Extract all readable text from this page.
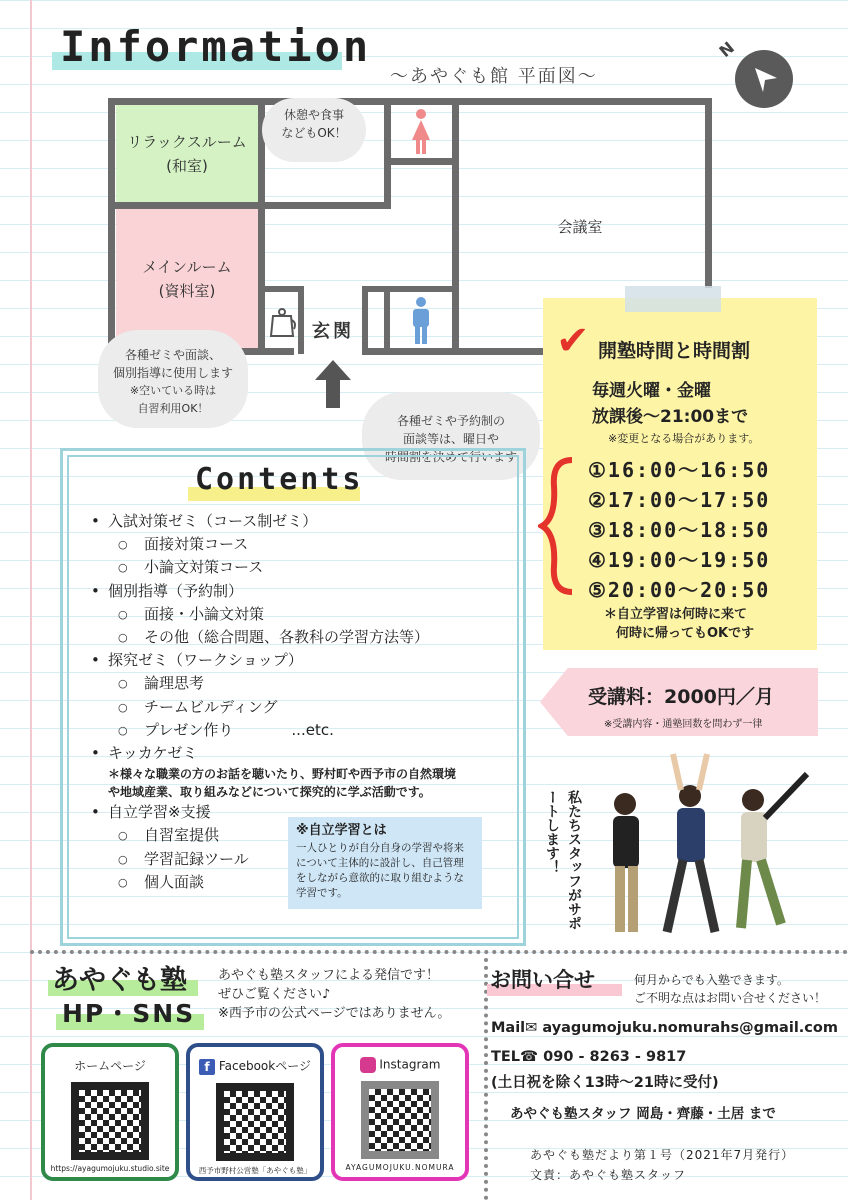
Information
～あやぐも館 平面図～
N
リラックスルーム
(和室)
メインルーム
(資料室)
会議室
玄関
休憩や食事
などもOK！
各種ゼミや面談、
個別指導に使用します
※空いている時は
自習利用OK！
各種ゼミや予約制の
面談等は、曜日や
時間割を決めて行います
Contents
• 入試対策ゼミ（コース制ゼミ）
○ 面接対策コース
○ 小論文対策コース
• 個別指導（予約制）
○ 面接・小論文対策
○ その他（総合問題、各教科の学習方法等）
• 探究ゼミ（ワークショップ）
○ 論理思考
○ チームビルディング
○ プレゼン作り	...etc.
• キッカケゼミ
＊様々な職業の方のお話を聴いたり、野村町や西予市の自然環境
や地域産業、取り組みなどについて探究的に学ぶ活動です。
• 自立学習※支援
○ 自習室提供
○ 学習記録ツール
○ 個人面談
※自立学習とは
一人ひとりが自分自身の学習や将来について主体的に設計し、自己管理をしながら意欲的に取り組むような学習です。
✔ 開塾時間と時間割
毎週火曜・金曜
放課後～21:00まで
※変更となる場合があります。
①16:00～16:50
②17:00～17:50
③18:00～18:50
④19:00～19:50
⑤20:00～20:50
＊自立学習は何時に来て
何時に帰ってもOKです
受講料：2000円／月
※受講内容・通塾回数を問わず一律
私たちスタッフがサポートします！
あやぐも塾
HP・SNS
あやぐも塾スタッフによる発信です！
ぜひご覧ください♪
※西予市の公式ページではありません。
ホームページ
https://ayagumojuku.studio.site
f Facebookページ
西予市野村公営塾「あやぐも塾」
Instagram
AYAGUMOJUKU.NOMURA
お問い合せ	何月からでも入塾できます。
ご不明な点はお問い合せください！
Mail✉ ayagumojuku.nomurahs@gmail.com
TEL☎ 090 - 8263 - 9817
(土日祝を除く13時～21時に受付)
あやぐも塾スタッフ 岡島・齊藤・土居 まで
あやぐも塾だより第１号（2021年7月発行）
文責：あやぐも塾スタッフ
